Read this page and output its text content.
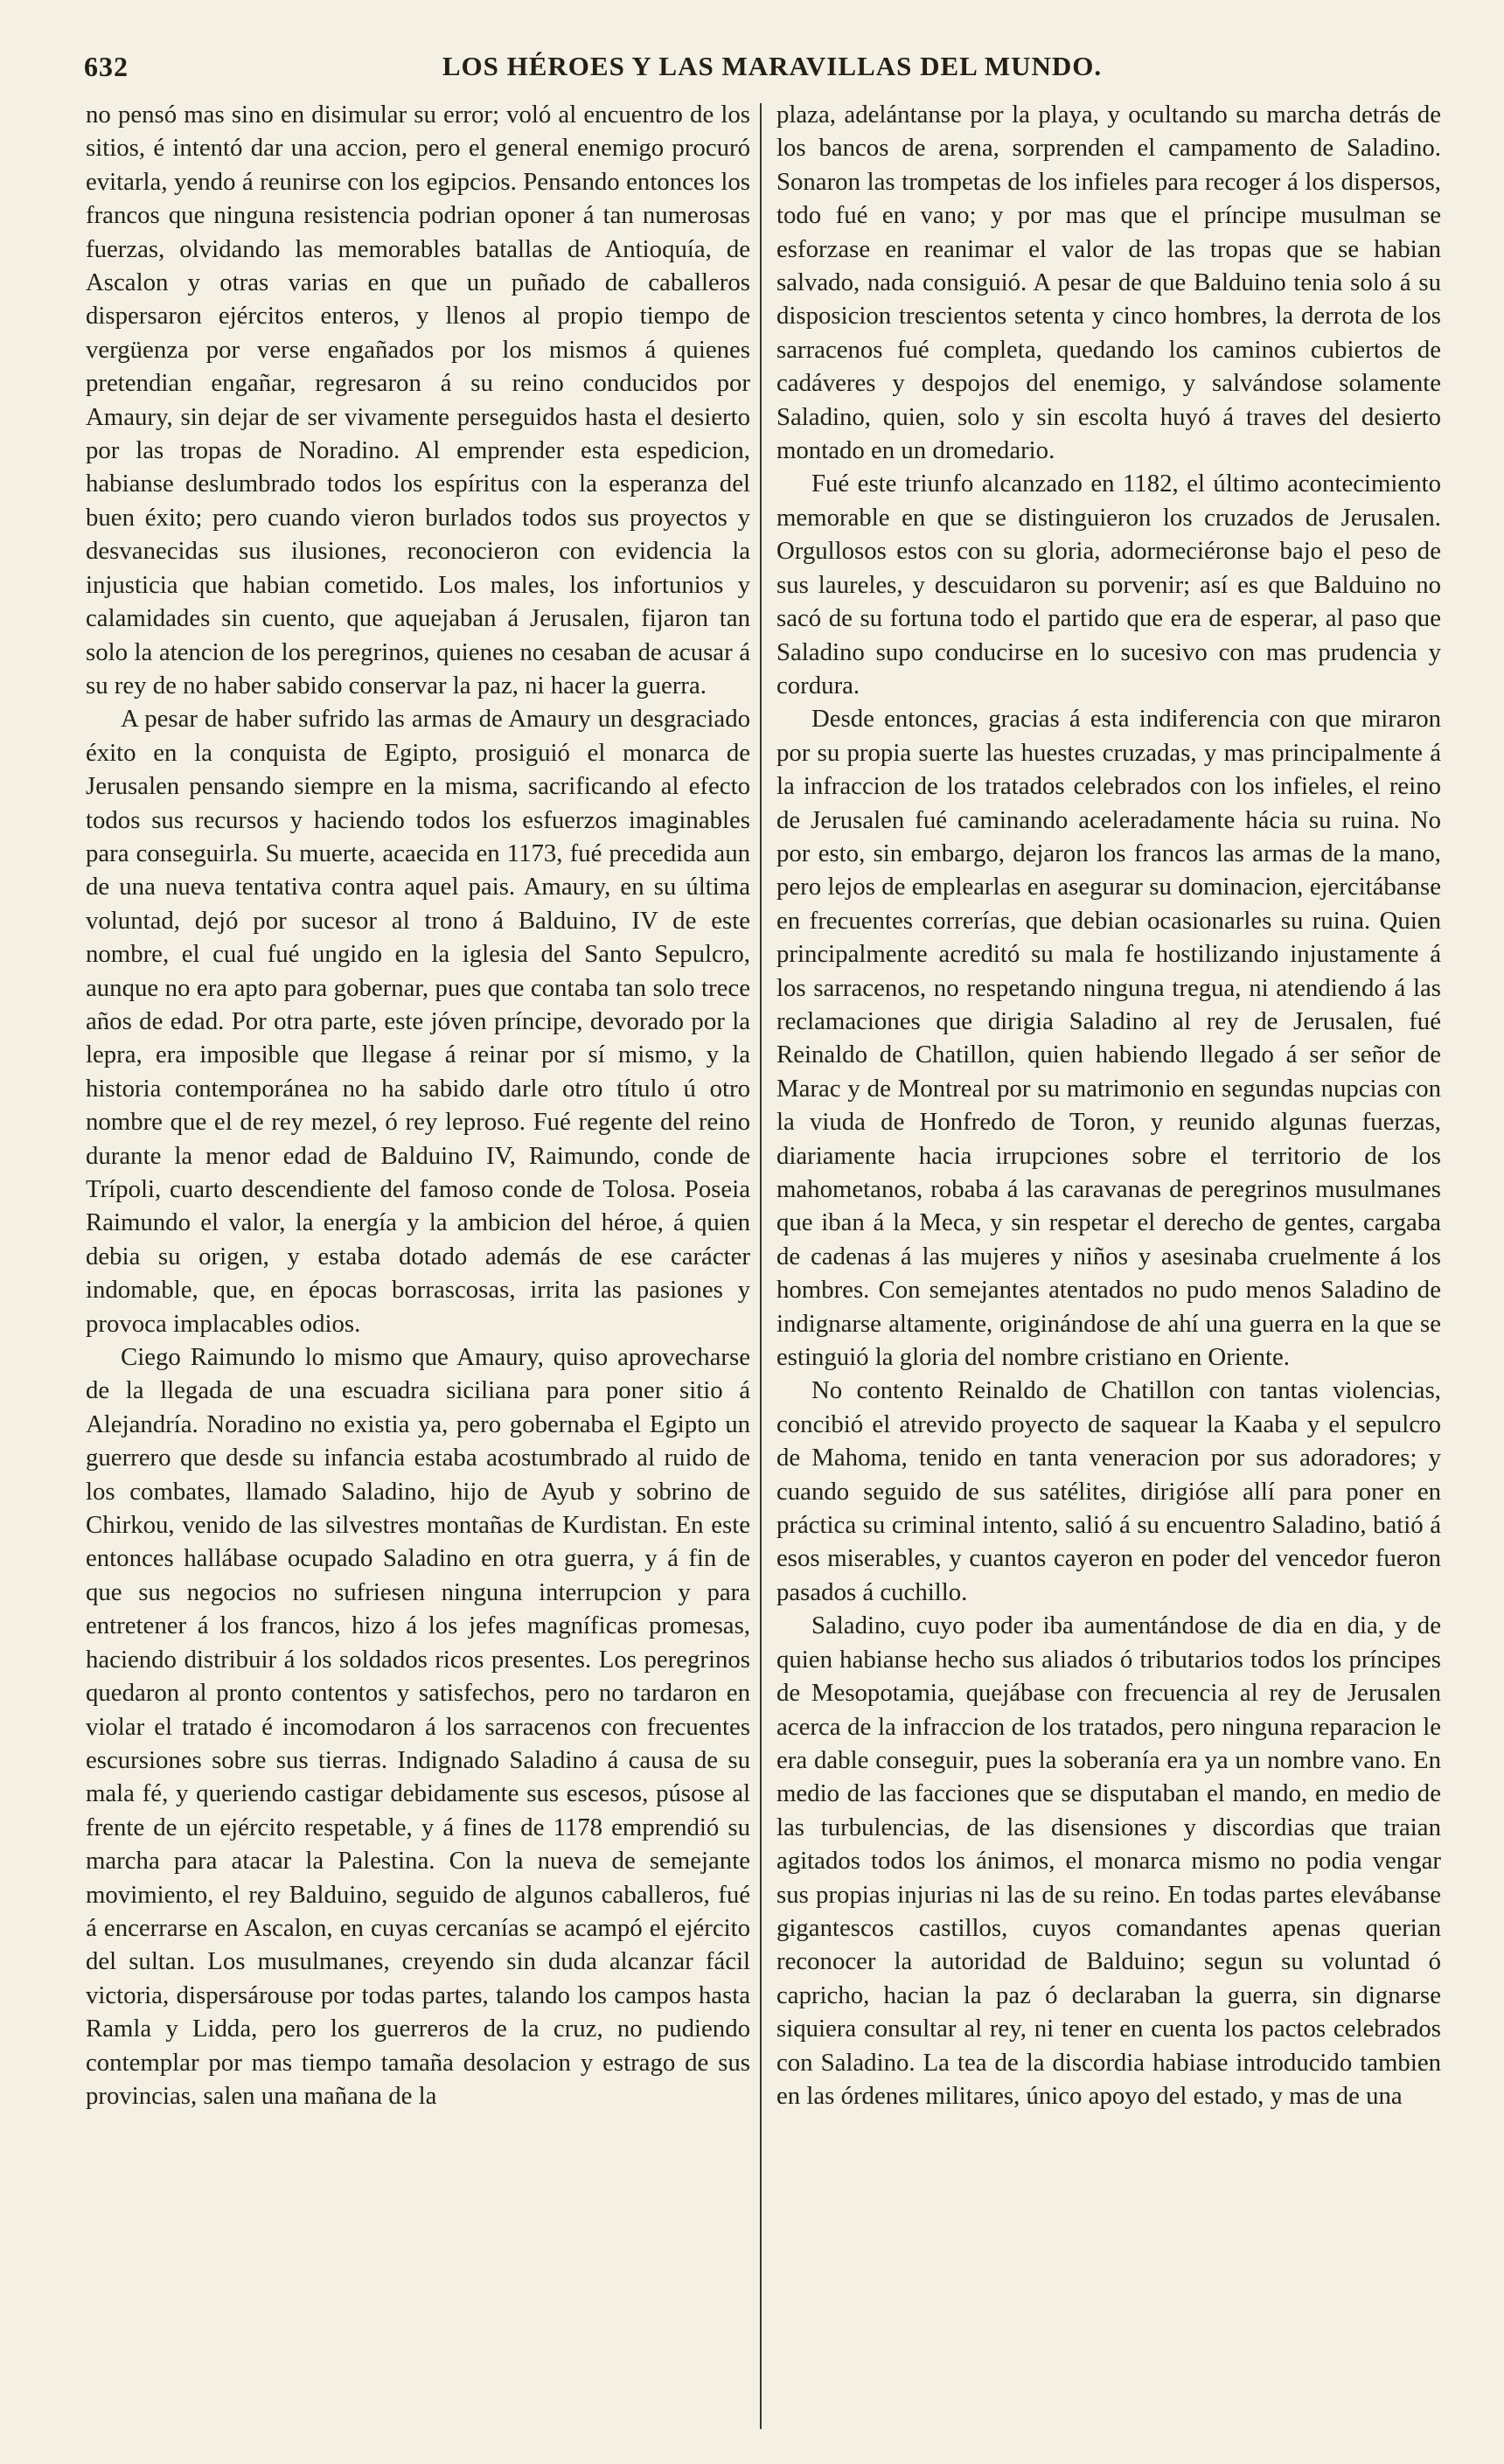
632	LOS HÉROES Y LAS MARAVILLAS DEL MUNDO.

no pensó mas sino en disimular su error; voló al encuentro de los sitios, é intentó dar una accion, pero el general enemigo procuró evitarla, yendo á reunirse con los egipcios. Pensando entonces los francos que ninguna resistencia podrian oponer á tan numerosas fuerzas, olvidando las memorables batallas de Antioquía, de Ascalon y otras varias en que un puñado de caballeros dispersaron ejércitos enteros, y llenos al propio tiempo de vergüenza por verse engañados por los mismos á quienes pretendian engañar, regresaron á su reino conducidos por Amaury, sin dejar de ser vivamente perseguidos hasta el desierto por las tropas de Noradino. Al emprender esta espedicion, habianse deslumbrado todos los espíritus con la esperanza del buen éxito; pero cuando vieron burlados todos sus proyectos y desvanecidas sus ilusiones, reconocieron con evidencia la injusticia que habian cometido. Los males, los infortunios y calamidades sin cuento, que aquejaban á Jerusalen, fijaron tan solo la atencion de los peregrinos, quienes no cesaban de acusar á su rey de no haber sabido conservar la paz, ni hacer la guerra.

A pesar de haber sufrido las armas de Amaury un desgraciado éxito en la conquista de Egipto, prosiguió el monarca de Jerusalen pensando siempre en la misma, sacrificando al efecto todos sus recursos y haciendo todos los esfuerzos imaginables para conseguirla. Su muerte, acaecida en 1173, fué precedida aun de una nueva tentativa contra aquel pais. Amaury, en su última voluntad, dejó por sucesor al trono á Balduino, IV de este nombre, el cual fué ungido en la iglesia del Santo Sepulcro, aunque no era apto para gobernar, pues que contaba tan solo trece años de edad. Por otra parte, este jóven príncipe, devorado por la lepra, era imposible que llegase á reinar por sí mismo, y la historia contemporánea no ha sabido darle otro título ú otro nombre que el de rey mezel, ó rey leproso. Fué regente del reino durante la menor edad de Balduino IV, Raimundo, conde de Trípoli, cuarto descendiente del famoso conde de Tolosa. Poseia Raimundo el valor, la energía y la ambicion del héroe, á quien debia su origen, y estaba dotado además de ese carácter indomable, que, en épocas borrascosas, irrita las pasiones y provoca implacables odios.

Ciego Raimundo lo mismo que Amaury, quiso aprovecharse de la llegada de una escuadra siciliana para poner sitio á Alejandría. Noradino no existia ya, pero gobernaba el Egipto un guerrero que desde su infancia estaba acostumbrado al ruido de los combates, llamado Saladino, hijo de Ayub y sobrino de Chirkou, venido de las silvestres montañas de Kurdistan. En este entonces hallábase ocupado Saladino en otra guerra, y á fin de que sus negocios no sufriesen ninguna interrupcion y para entretener á los francos, hizo á los jefes magníficas promesas, haciendo distribuir á los soldados ricos presentes. Los peregrinos quedaron al pronto contentos y satisfechos, pero no tardaron en violar el tratado é incomodaron á los sarracenos con frecuentes escursiones sobre sus tierras. Indignado Saladino á causa de su mala fé, y queriendo castigar debidamente sus escesos, púsose al frente de un ejército respetable, y á fines de 1178 emprendió su marcha para atacar la Palestina. Con la nueva de semejante movimiento, el rey Balduino, seguido de algunos caballeros, fué á encerrarse en Ascalon, en cuyas cercanías se acampó el ejército del sultan. Los musulmanes, creyendo sin duda alcanzar fácil victoria, dispersárouse por todas partes, talando los campos hasta Ramla y Lidda, pero los guerreros de la cruz, no pudiendo contemplar por mas tiempo tamaña desolacion y estrago de sus provincias, salen una mañana de la

plaza, adelántanse por la playa, y ocultando su marcha detrás de los bancos de arena, sorprenden el campamento de Saladino. Sonaron las trompetas de los infieles para recoger á los dispersos, todo fué en vano; y por mas que el príncipe musulman se esforzase en reanimar el valor de las tropas que se habian salvado, nada consiguió. A pesar de que Balduino tenia solo á su disposicion trescientos setenta y cinco hombres, la derrota de los sarracenos fué completa, quedando los caminos cubiertos de cadáveres y despojos del enemigo, y salvándose solamente Saladino, quien, solo y sin escolta huyó á traves del desierto montado en un dromedario.

Fué este triunfo alcanzado en 1182, el último acontecimiento memorable en que se distinguieron los cruzados de Jerusalen. Orgullosos estos con su gloria, adormeciéronse bajo el peso de sus laureles, y descuidaron su porvenir; así es que Balduino no sacó de su fortuna todo el partido que era de esperar, al paso que Saladino supo conducirse en lo sucesivo con mas prudencia y cordura.

Desde entonces, gracias á esta indiferencia con que miraron por su propia suerte las huestes cruzadas, y mas principalmente á la infraccion de los tratados celebrados con los infieles, el reino de Jerusalen fué caminando aceleradamente hácia su ruina. No por esto, sin embargo, dejaron los francos las armas de la mano, pero lejos de emplearlas en asegurar su dominacion, ejercitábanse en frecuentes correrías, que debian ocasionarles su ruina. Quien principalmente acreditó su mala fe hostilizando injustamente á los sarracenos, no respetando ninguna tregua, ni atendiendo á las reclamaciones que dirigia Saladino al rey de Jerusalen, fué Reinaldo de Chatillon, quien habiendo llegado á ser señor de Marac y de Montreal por su matrimonio en segundas nupcias con la viuda de Honfredo de Toron, y reunido algunas fuerzas, diariamente hacia irrupciones sobre el territorio de los mahometanos, robaba á las caravanas de peregrinos musulmanes que iban á la Meca, y sin respetar el derecho de gentes, cargaba de cadenas á las mujeres y niños y asesinaba cruelmente á los hombres. Con semejantes atentados no pudo menos Saladino de indignarse altamente, originándose de ahí una guerra en la que se estinguió la gloria del nombre cristiano en Oriente.

No contento Reinaldo de Chatillon con tantas violencias, concibió el atrevido proyecto de saquear la Kaaba y el sepulcro de Mahoma, tenido en tanta veneracion por sus adoradores; y cuando seguido de sus satélites, dirigióse allí para poner en práctica su criminal intento, salió á su encuentro Saladino, batió á esos miserables, y cuantos cayeron en poder del vencedor fueron pasados á cuchillo.

Saladino, cuyo poder iba aumentándose de dia en dia, y de quien habianse hecho sus aliados ó tributarios todos los príncipes de Mesopotamia, quejábase con frecuencia al rey de Jerusalen acerca de la infraccion de los tratados, pero ninguna reparacion le era dable conseguir, pues la soberanía era ya un nombre vano. En medio de las facciones que se disputaban el mando, en medio de las turbulencias, de las disensiones y discordias que traian agitados todos los ánimos, el monarca mismo no podia vengar sus propias injurias ni las de su reino. En todas partes elevábanse gigantescos castillos, cuyos comandantes apenas querian reconocer la autoridad de Balduino; segun su voluntad ó capricho, hacian la paz ó declaraban la guerra, sin dignarse siquiera consultar al rey, ni tener en cuenta los pactos celebrados con Saladino. La tea de la discordia habiase introducido tambien en las órdenes militares, único apoyo del estado, y mas de una
